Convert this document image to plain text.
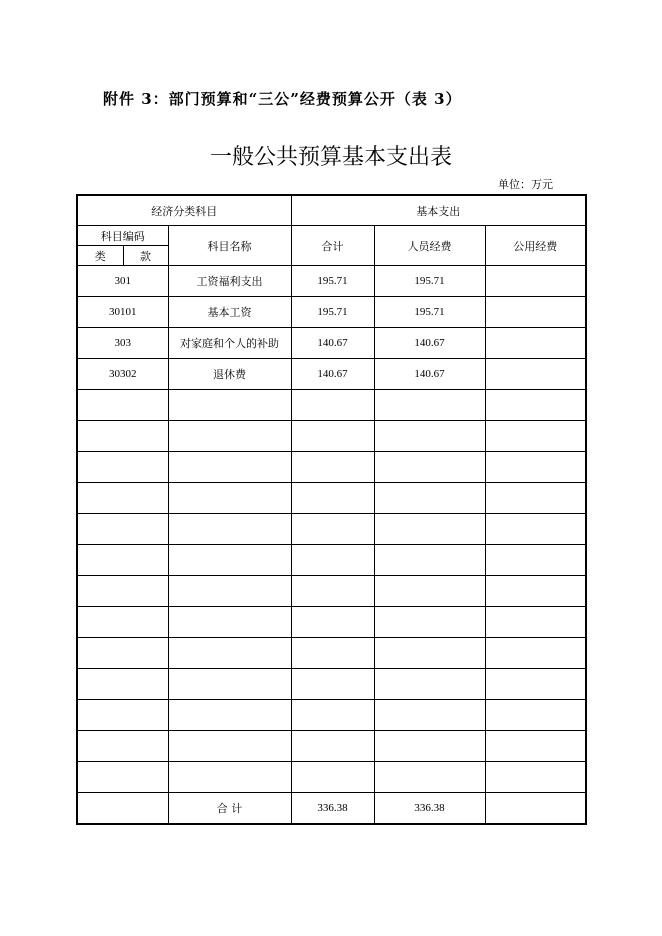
附件 3：部门预算和“三公”经费预算公开（表 3）
一般公共预算基本支出表
单位：万元
经济分类科目			基本支出		
科目编码		科目名称	合计	人员经费	公用经费
类	款				
301		工资福利支出	195.71	195.71	
30101		基本工资	195.71	195.71	
303		对家庭和个人的补助	140.67	140.67	
30302		退休费	140.67	140.67	

		合 计	336.38	336.38	
